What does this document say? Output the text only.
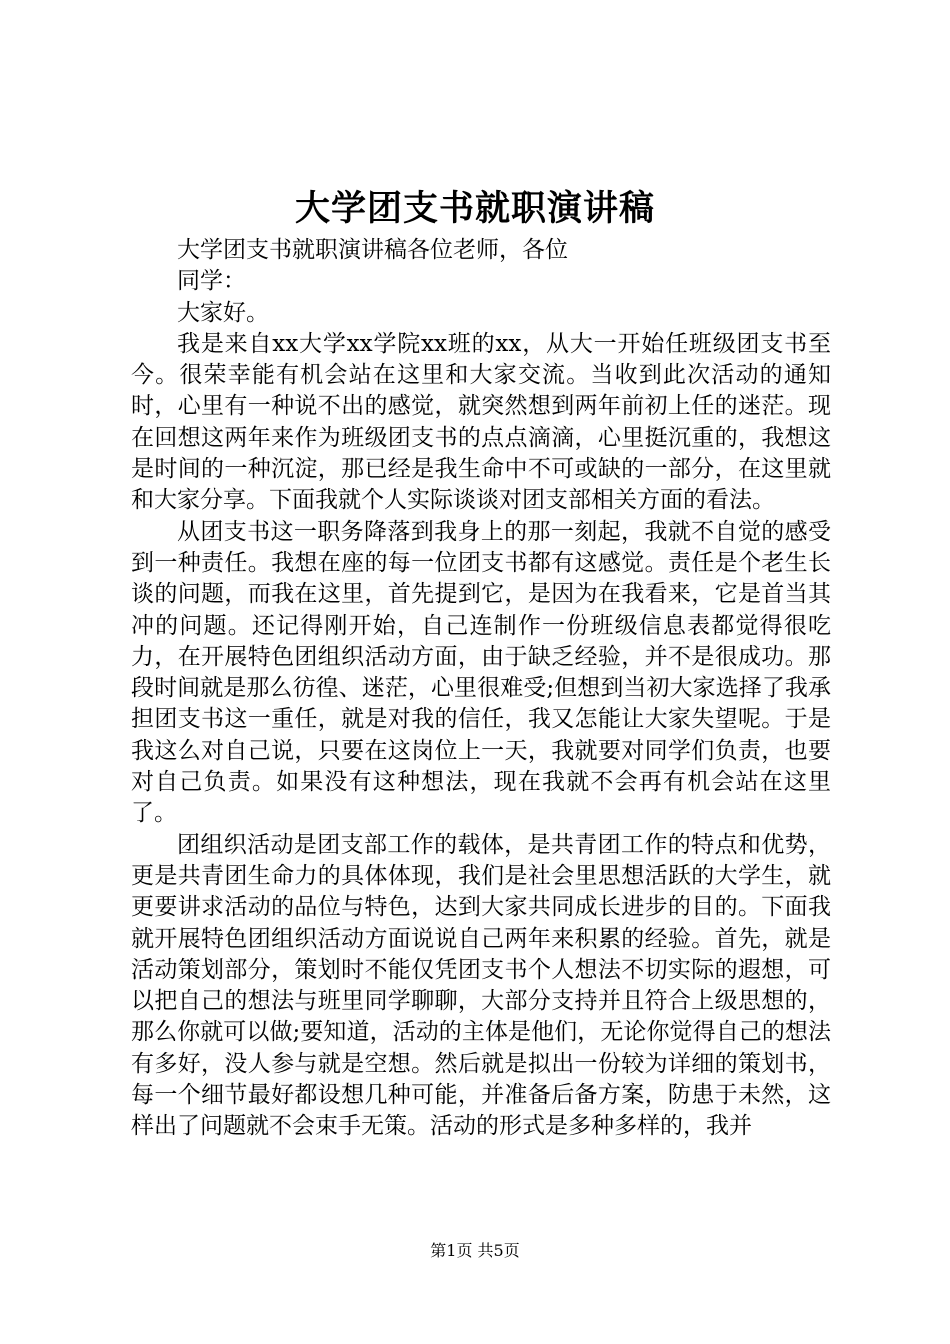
大学团支书就职演讲稿

大学团支书就职演讲稿各位老师，各位

同学：

大家好。

我是来自xx大学xx学院xx班的xx，从大一开始任班级团支书至今。很荣幸能有机会站在这里和大家交流。当收到此次活动的通知时，心里有一种说不出的感觉，就突然想到两年前初上任的迷茫。现在回想这两年来作为班级团支书的点点滴滴，心里挺沉重的，我想这是时间的一种沉淀，那已经是我生命中不可或缺的一部分，在这里就和大家分享。下面我就个人实际谈谈对团支部相关方面的看法。

从团支书这一职务降落到我身上的那一刻起，我就不自觉的感受到一种责任。我想在座的每一位团支书都有这感觉。责任是个老生长谈的问题，而我在这里，首先提到它，是因为在我看来，它是首当其冲的问题。还记得刚开始，自己连制作一份班级信息表都觉得很吃力，在开展特色团组织活动方面，由于缺乏经验，并不是很成功。那段时间就是那么彷徨、迷茫，心里很难受;但想到当初大家选择了我承担团支书这一重任，就是对我的信任，我又怎能让大家失望呢。于是我这么对自己说，只要在这岗位上一天，我就要对同学们负责，也要对自己负责。如果没有这种想法，现在我就不会再有机会站在这里了。

团组织活动是团支部工作的载体，是共青团工作的特点和优势，更是共青团生命力的具体体现，我们是社会里思想活跃的大学生，就更要讲求活动的品位与特色，达到大家共同成长进步的目的。下面我就开展特色团组织活动方面说说自己两年来积累的经验。首先，就是活动策划部分，策划时不能仅凭团支书个人想法不切实际的遐想，可以把自己的想法与班里同学聊聊，大部分支持并且符合上级思想的，那么你就可以做;要知道，活动的主体是他们，无论你觉得自己的想法有多好，没人参与就是空想。然后就是拟出一份较为详细的策划书，每一个细节最好都设想几种可能，并准备后备方案，防患于未然，这样出了问题就不会束手无策。活动的形式是多种多样的，我并

第1页 共5页
